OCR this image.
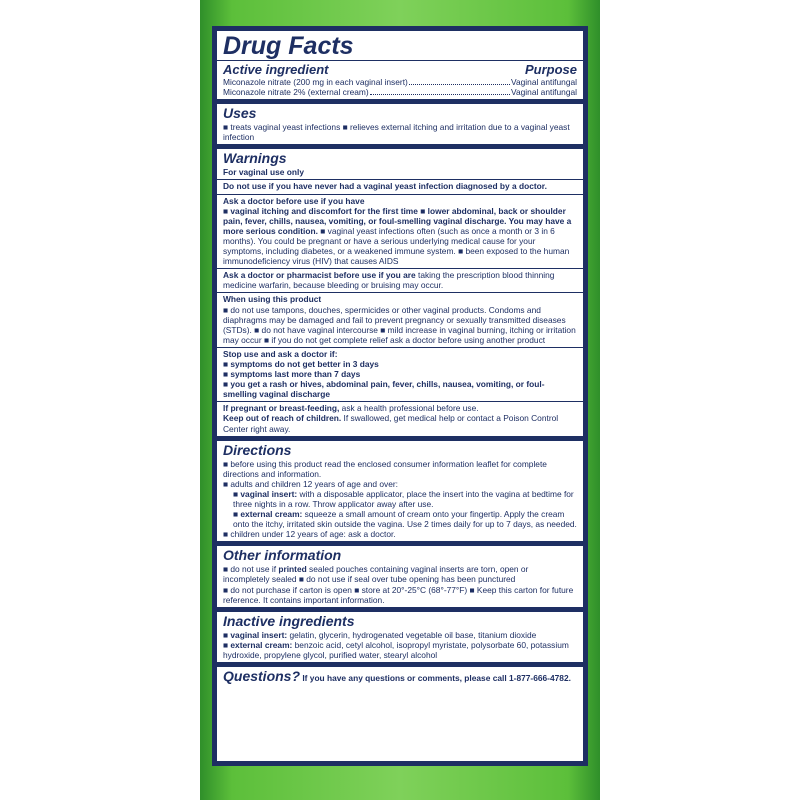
Drug Facts
Active ingredient	Purpose
Miconazole nitrate (200 mg in each vaginal insert)	Vaginal antifungal
Miconazole nitrate 2% (external cream)	Vaginal antifungal
Uses
■ treats vaginal yeast infections ■ relieves external itching and irritation due to a vaginal yeast infection
Warnings
For vaginal use only
Do not use if you have never had a vaginal yeast infection diagnosed by a doctor.
Ask a doctor before use if you have
■ vaginal itching and discomfort for the first time ■ lower abdominal, back or shoulder pain, fever, chills, nausea, vomiting, or foul-smelling vaginal discharge. You may have a more serious condition. ■ vaginal yeast infections often (such as once a month or 3 in 6 months). You could be pregnant or have a serious underlying medical cause for your symptoms, including diabetes, or a weakened immune system. ■ been exposed to the human immunodeficiency virus (HIV) that causes AIDS
Ask a doctor or pharmacist before use if you are taking the prescription blood thinning medicine warfarin, because bleeding or bruising may occur.
When using this product
■ do not use tampons, douches, spermicides or other vaginal products. Condoms and diaphragms may be damaged and fail to prevent pregnancy or sexually transmitted diseases (STDs). ■ do not have vaginal intercourse ■ mild increase in vaginal burning, itching or irritation may occur ■ if you do not get complete relief ask a doctor before using another product
Stop use and ask a doctor if:
■ symptoms do not get better in 3 days
■ symptoms last more than 7 days
■ you get a rash or hives, abdominal pain, fever, chills, nausea, vomiting, or foul-smelling vaginal discharge
If pregnant or breast-feeding, ask a health professional before use.
Keep out of reach of children. If swallowed, get medical help or contact a Poison Control Center right away.
Directions
■ before using this product read the enclosed consumer information leaflet for complete directions and information.
■ adults and children 12 years of age and over:
■ vaginal insert: with a disposable applicator, place the insert into the vagina at bedtime for three nights in a row. Throw applicator away after use.
■ external cream: squeeze a small amount of cream onto your fingertip. Apply the cream onto the itchy, irritated skin outside the vagina. Use 2 times daily for up to 7 days, as needed.
■ children under 12 years of age: ask a doctor.
Other information
■ do not use if printed sealed pouches containing vaginal inserts are torn, open or incompletely sealed ■ do not use if seal over tube opening has been punctured
■ do not purchase if carton is open ■ store at 20°-25°C (68°-77°F) ■ Keep this carton for future reference. It contains important information.
Inactive ingredients
■ vaginal insert: gelatin, glycerin, hydrogenated vegetable oil base, titanium dioxide
■ external cream: benzoic acid, cetyl alcohol, isopropyl myristate, polysorbate 60, potassium hydroxide, propylene glycol, purified water, stearyl alcohol
Questions? If you have any questions or comments, please call 1-877-666-4782.
